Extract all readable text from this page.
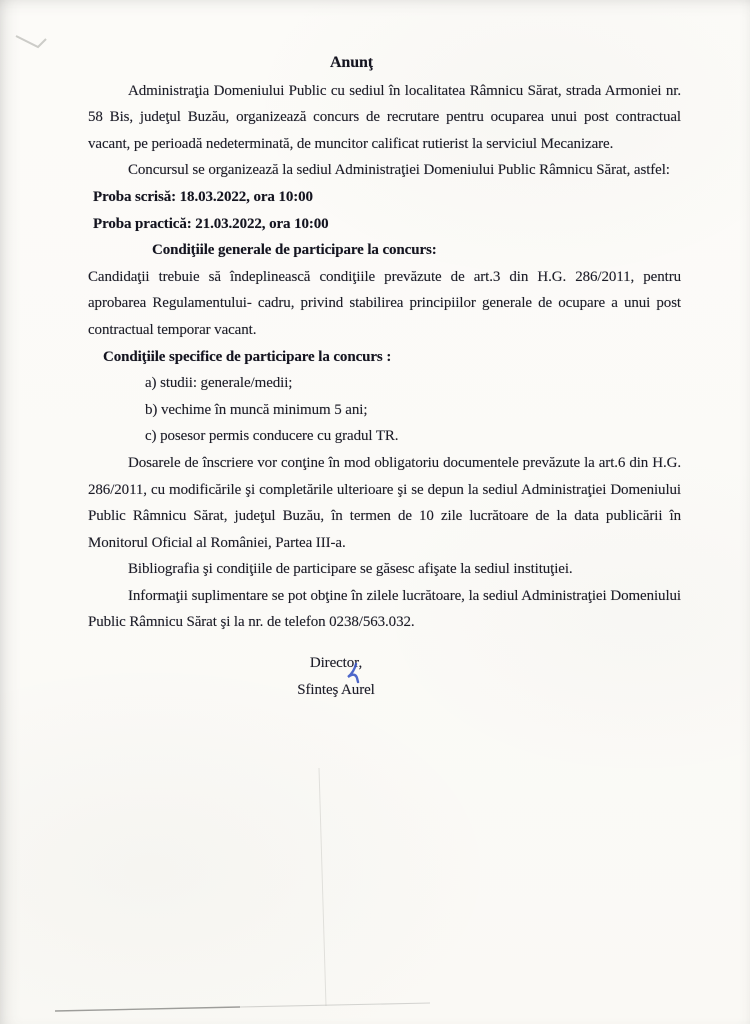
Anunţ

Administraţia Domeniului Public cu sediul în localitatea Râmnicu Sărat, strada Armoniei nr. 58 Bis, judeţul Buzău, organizează concurs de recrutare pentru ocuparea unui post contractual vacant, pe perioadă nedeterminată, de muncitor calificat rutierist la serviciul Mecanizare.

Concursul se organizează la sediul Administraţiei Domeniului Public Râmnicu Sărat, astfel:

Proba scrisă: 18.03.2022, ora 10:00

Proba practică: 21.03.2022, ora 10:00

Condiţiile generale de participare la concurs:

Candidaţii trebuie să îndeplinească condiţiile prevăzute de art.3 din H.G. 286/2011, pentru aprobarea Regulamentului- cadru, privind stabilirea principiilor generale de ocupare a unui post contractual temporar vacant.

Condiţiile specifice de participare la concurs :

a) studii: generale/medii;
b) vechime în muncă minimum 5 ani;
c) posesor permis conducere cu gradul TR.

Dosarele de înscriere vor conţine în mod obligatoriu documentele prevăzute la art.6 din H.G. 286/2011, cu modificările şi completările ulterioare şi se depun la sediul Administraţiei Domeniului Public Râmnicu Sărat, judeţul Buzău, în termen de 10 zile lucrătoare de la data publicării în Monitorul Oficial al României, Partea III-a.

Bibliografia şi condiţiile de participare se găsesc afişate la sediul instituţiei.

Informaţii suplimentare se pot obţine în zilele lucrătoare, la sediul Administraţiei Domeniului Public Râmnicu Sărat şi la nr. de telefon 0238/563.032.

Director,
Sfinteş Aurel
